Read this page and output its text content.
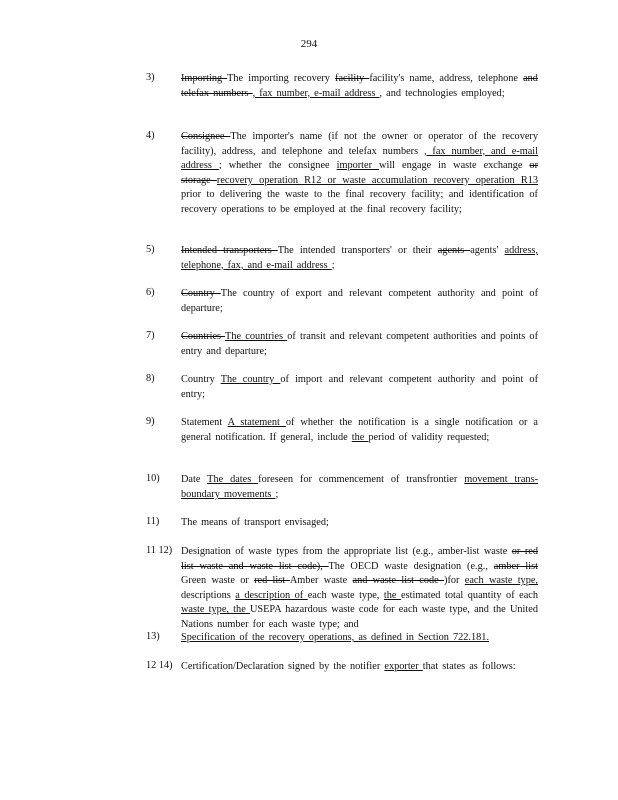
294
3)	Importing The importing recovery facility facility's name, address, telephone and telefax numbers , fax number, e-mail address , and technologies employed;
4)	Consignee The importer's name (if not the owner or operator of the recovery facility), address, and telephone and telefax numbers , fax number, and e-mail address ; whether the consignee importer will engage in waste exchange or storage recovery operation R12 or waste accumulation recovery operation R13 prior to delivering the waste to the final recovery facility; and identification of recovery operations to be employed at the final recovery facility;
5)	Intended transporters The intended transporters' or their agents agents' address, telephone, fax, and e-mail address ;
6)	Country The country of export and relevant competent authority and point of departure;
7)	Countries The countries of transit and relevant competent authorities and points of entry and departure;
8)	Country The country of import and relevant competent authority and point of entry;
9)	Statement A statement of whether the notification is a single notification or a general notification. If general, include the period of validity requested;
10) Date The dates foreseen for commencement of transfrontier movement trans-boundary movements ;
11) The means of transport envisaged;
11 12) Designation of waste types from the appropriate list (e.g., amber-list waste or red list waste and waste list code), The OECD waste designation (e.g., amber list Green waste or red list Amber waste and waste list code )for each waste type, descriptions a description of each waste type, the estimated total quantity of each waste type, the USEPA hazardous waste code for each waste type, and the United Nations number for each waste type; and
13) Specification of the recovery operations, as defined in Section 722.181.
12 14) Certification/Declaration signed by the notifier exporter that states as follows:
